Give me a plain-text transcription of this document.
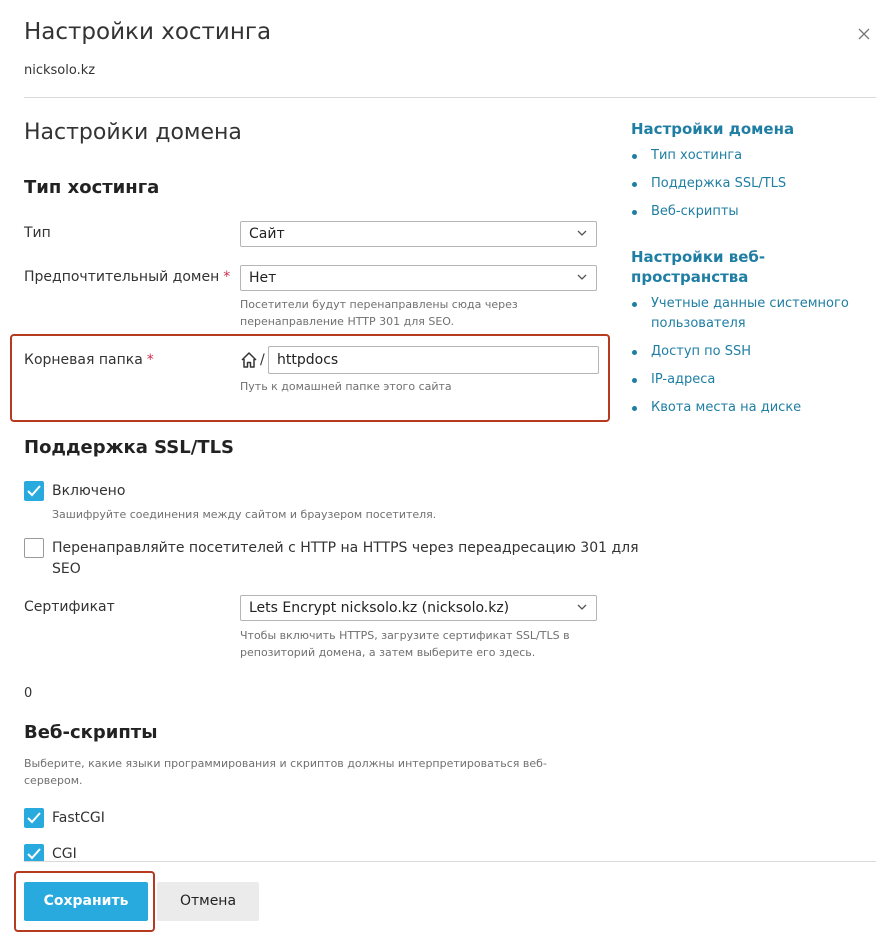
Настройки хостинга
nicksolo.kz
Настройки домена
Тип хостинга
Тип	Сайт
Предпочтительный домен *	Нет
Посетители будут перенаправлены сюда через
перенаправление HTTP 301 для SEO.
Корневая папка *	/ httpdocs
Путь к домашней папке этого сайта
Поддержка SSL/TLS
Включено
Зашифруйте соединения между сайтом и браузером посетителя.
Перенаправляйте посетителей с HTTP на HTTPS через переадресацию 301 для
SEO
Сертификат	Lets Encrypt nicksolo.kz (nicksolo.kz)
Чтобы включить HTTPS, загрузите сертификат SSL/TLS в
репозиторий домена, а затем выберите его здесь.
0
Веб-скрипты
Выберите, какие языки программирования и скриптов должны интерпретироваться веб-
сервером.
FastCGI
CGI
Сохранить	Отмена
Настройки домена
Тип хостинга
Поддержка SSL/TLS
Веб-скрипты
Настройки веб-
пространства
Учетные данные системного
пользователя
Доступ по SSH
IP-адреса
Квота места на диске
